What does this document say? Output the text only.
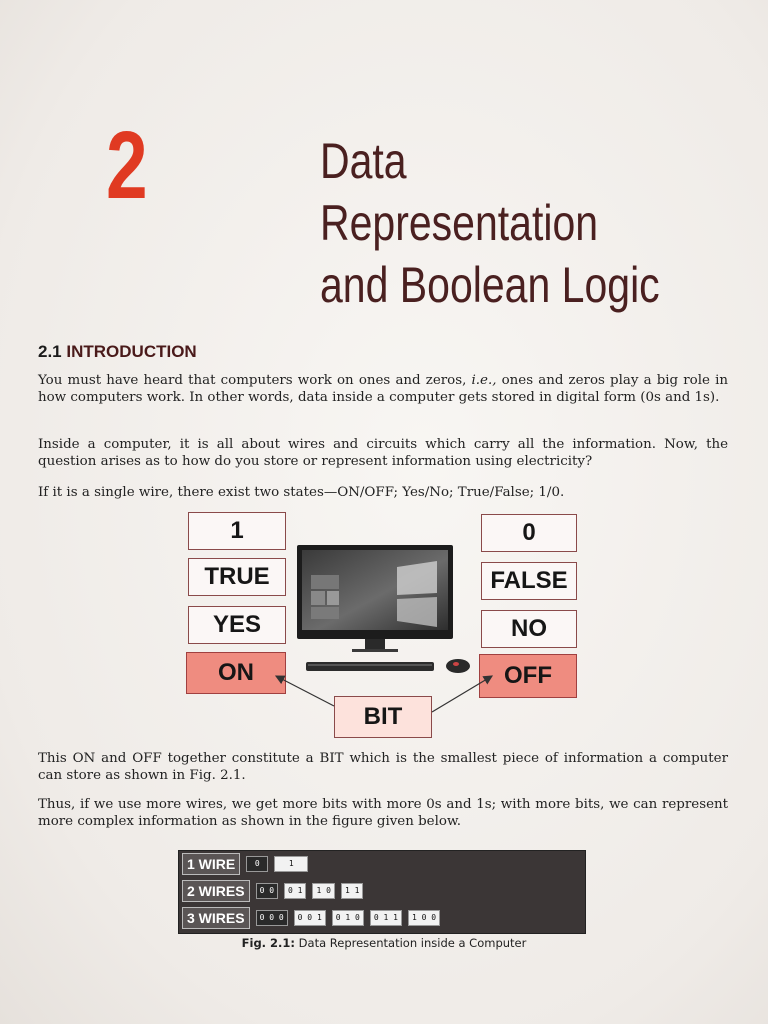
2	Data Representation
and Boolean Logic
2.1 INTRODUCTION
You must have heard that computers work on ones and zeros, i.e., ones and zeros play a big role in how computers work. In other words, data inside a computer gets stored in digital form (0s and 1s).
Inside a computer, it is all about wires and circuits which carry all the information. Now, the question arises as to how do you store or represent information using electricity?
If it is a single wire, there exist two states—ON/OFF; Yes/No; True/False; 1/0.
1
TRUE
YES
ON
0
FALSE
NO
OFF
BIT
This ON and OFF together constitute a BIT which is the smallest piece of information a computer can store as shown in Fig. 2.1.
Thus, if we use more wires, we get more bits with more 0s and 1s; with more bits, we can represent more complex information as shown in the figure given below.
1 WIRE	0	1
2 WIRES	0 0	0 1	1 0	1 1
3 WIRES	0 0 0	0 0 1	0 1 0	0 1 1	1 0 0
Fig. 2.1: Data Representation inside a Computer
